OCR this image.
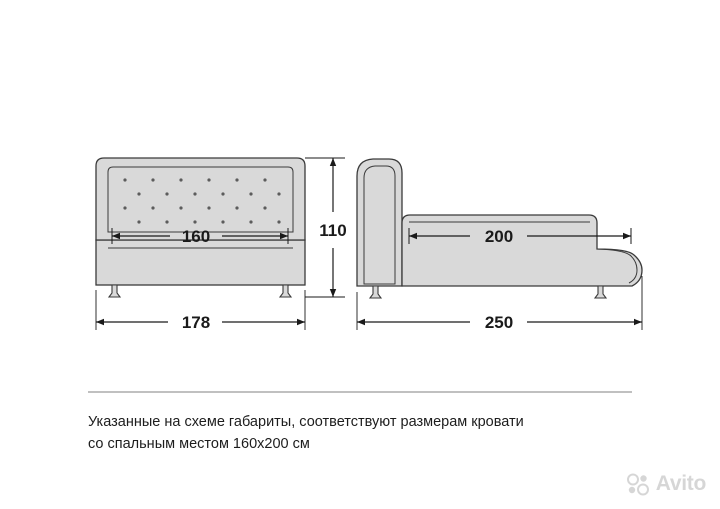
160
178
110	200
250
Указанные на схеме габариты, соответствуют размерам кровати
со спальным местом 160x200 см
Avito
